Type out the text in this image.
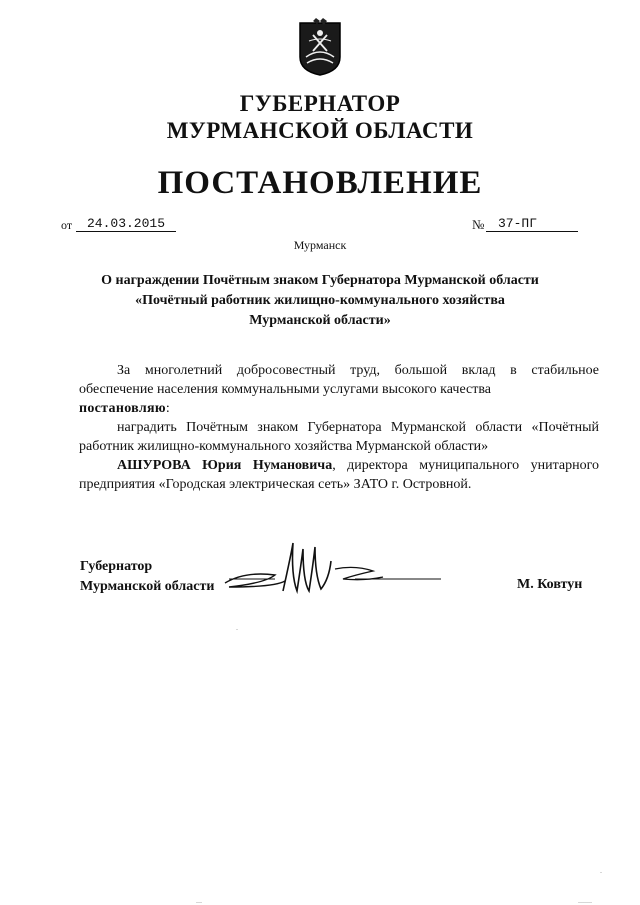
ГУБЕРНАТОР
МУРМАНСКОЙ ОБЛАСТИ
ПОСТАНОВЛЕНИЕ
от	24.03.2015	№	37-ПГ
Мурманск
О награждении Почётным знаком Губернатора Мурманской области
«Почётный работник жилищно-коммунального хозяйства
Мурманской области»

За многолетний добросовестный труд, большой вклад в стабильное обеспечение населения коммунальными услугами высокого качества

постановляю:

наградить Почётным знаком Губернатора Мурманской области «Почётный работник жилищно-коммунального хозяйства Мурманской области»

АШУРОВА Юрия Нумановича, директора муниципального унитарного предприятия «Городская электрическая сеть» ЗАТО г. Островной.

Губернатор
Мурманской области	М. Ковтун
.
.
...	.......
